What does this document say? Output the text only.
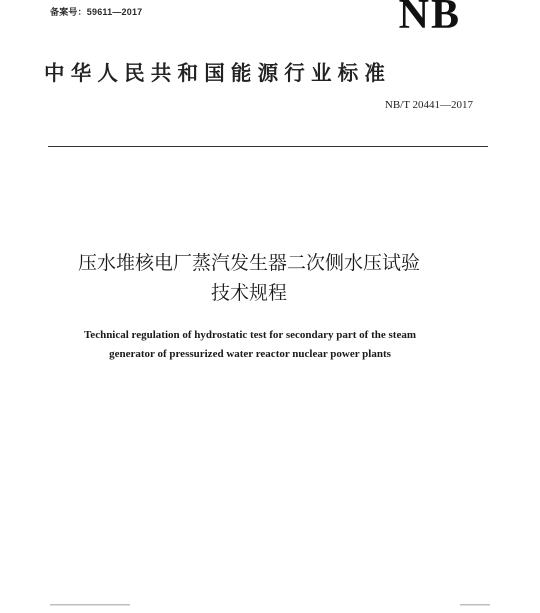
备案号：59611—2017	NB
中华人民共和国能源行业标准
NB/T 20441—2017
压水堆核电厂蒸汽发生器二次侧水压试验
技术规程
Technical regulation of hydrostatic test for secondary part of the steam
generator of pressurized water reactor nuclear power plants
